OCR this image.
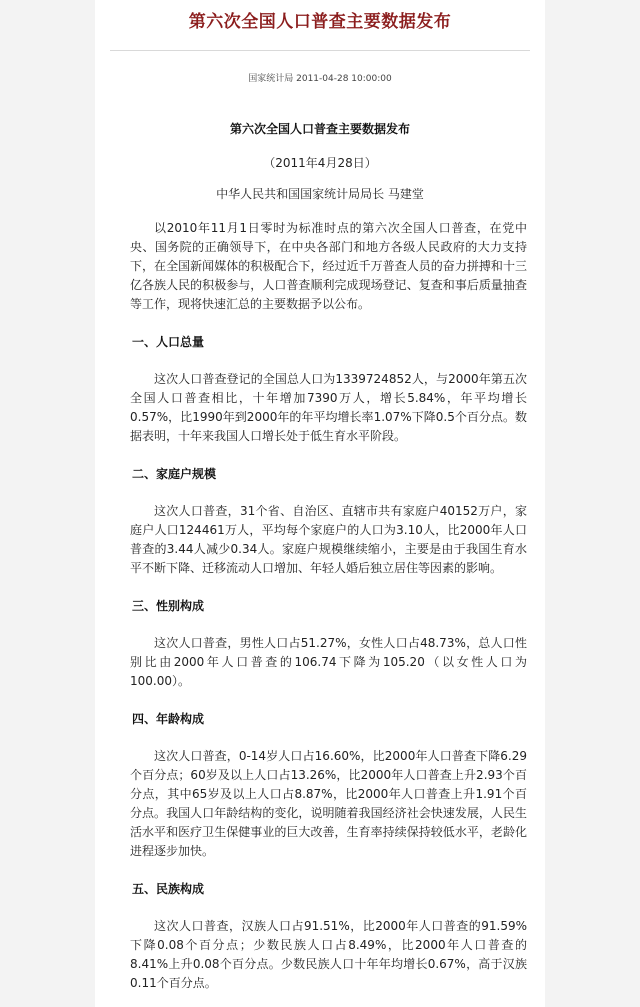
第六次全国人口普查主要数据发布
国家统计局 2011-04-28 10:00:00
第六次全国人口普查主要数据发布
（2011年4月28日）
中华人民共和国国家统计局局长 马建堂

以2010年11月1日零时为标准时点的第六次全国人口普查，在党中央、国务院的正确领导下，在中央各部门和地方各级人民政府的大力支持下，在全国新闻媒体的积极配合下，经过近千万普查人员的奋力拼搏和十三亿各族人民的积极参与，人口普查顺利完成现场登记、复查和事后质量抽查等工作，现将快速汇总的主要数据予以公布。

一、人口总量

这次人口普查登记的全国总人口为1339724852人，与2000年第五次全国人口普查相比，十年增加7390万人，增长5.84%，年平均增长0.57%，比1990年到2000年的年平均增长率1.07%下降0.5个百分点。数据表明，十年来我国人口增长处于低生育水平阶段。

二、家庭户规模

这次人口普查，31个省、自治区、直辖市共有家庭户40152万户，家庭户人口124461万人，平均每个家庭户的人口为3.10人，比2000年人口普查的3.44人减少0.34人。家庭户规模继续缩小，主要是由于我国生育水平不断下降、迁移流动人口增加、年轻人婚后独立居住等因素的影响。

三、性别构成

这次人口普查，男性人口占51.27%，女性人口占48.73%，总人口性别比由2000年人口普查的106.74下降为105.20（以女性人口为100.00）。

四、年龄构成

这次人口普查，0-14岁人口占16.60%，比2000年人口普查下降6.29个百分点；60岁及以上人口占13.26%，比2000年人口普查上升2.93个百分点，其中65岁及以上人口占8.87%，比2000年人口普查上升1.91个百分点。我国人口年龄结构的变化，说明随着我国经济社会快速发展，人民生活水平和医疗卫生保健事业的巨大改善，生育率持续保持较低水平，老龄化进程逐步加快。

五、民族构成

这次人口普查，汉族人口占91.51%，比2000年人口普查的91.59%下降0.08个百分点；少数民族人口占8.49%，比2000年人口普查的8.41%上升0.08个百分点。少数民族人口十年年均增长0.67%，高于汉族0.11个百分点。
